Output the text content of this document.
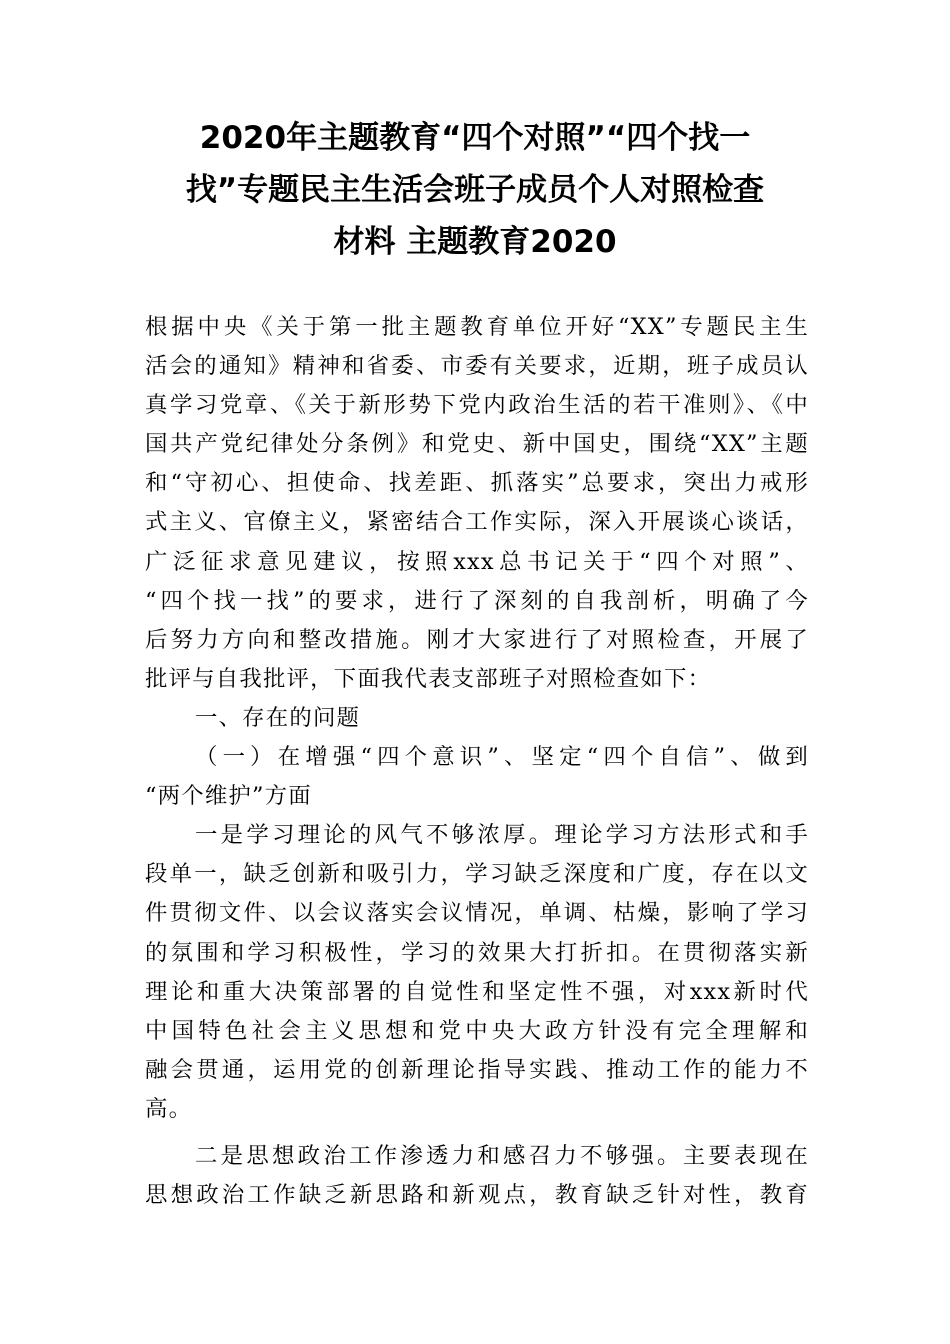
2020年主题教育“四个对照”“四个找一
找”专题民主生活会班子成员个人对照检查
材料 主题教育2020
根据中央《关于第一批主题教育单位开好“XX”专题民主生
活会的通知》精神和省委、市委有关要求，近期，班子成员认
真学习党章、《关于新形势下党内政治生活的若干准则》、《中
国共产党纪律处分条例》和党史、新中国史，围绕“XX”主题
和“守初心、担使命、找差距、抓落实”总要求，突出力戒形
式主义、官僚主义，紧密结合工作实际，深入开展谈心谈话，
广泛征求意见建议，按照xxx总书记关于“四个对照”、
“四个找一找”的要求，进行了深刻的自我剖析，明确了今
后努力方向和整改措施。刚才大家进行了对照检查，开展了
批评与自我批评，下面我代表支部班子对照检查如下：
一、存在的问题
（一）在增强“四个意识”、坚定“四个自信”、做到
“两个维护”方面
一是学习理论的风气不够浓厚。理论学习方法形式和手
段单一，缺乏创新和吸引力，学习缺乏深度和广度，存在以文
件贯彻文件、以会议落实会议情况，单调、枯燥，影响了学习
的氛围和学习积极性，学习的效果大打折扣。在贯彻落实新
理论和重大决策部署的自觉性和坚定性不强，对xxx新时代
中国特色社会主义思想和党中央大政方针没有完全理解和
融会贯通，运用党的创新理论指导实践、推动工作的能力不
高。
二是思想政治工作渗透力和感召力不够强。主要表现在
思想政治工作缺乏新思路和新观点，教育缺乏针对性，教育
